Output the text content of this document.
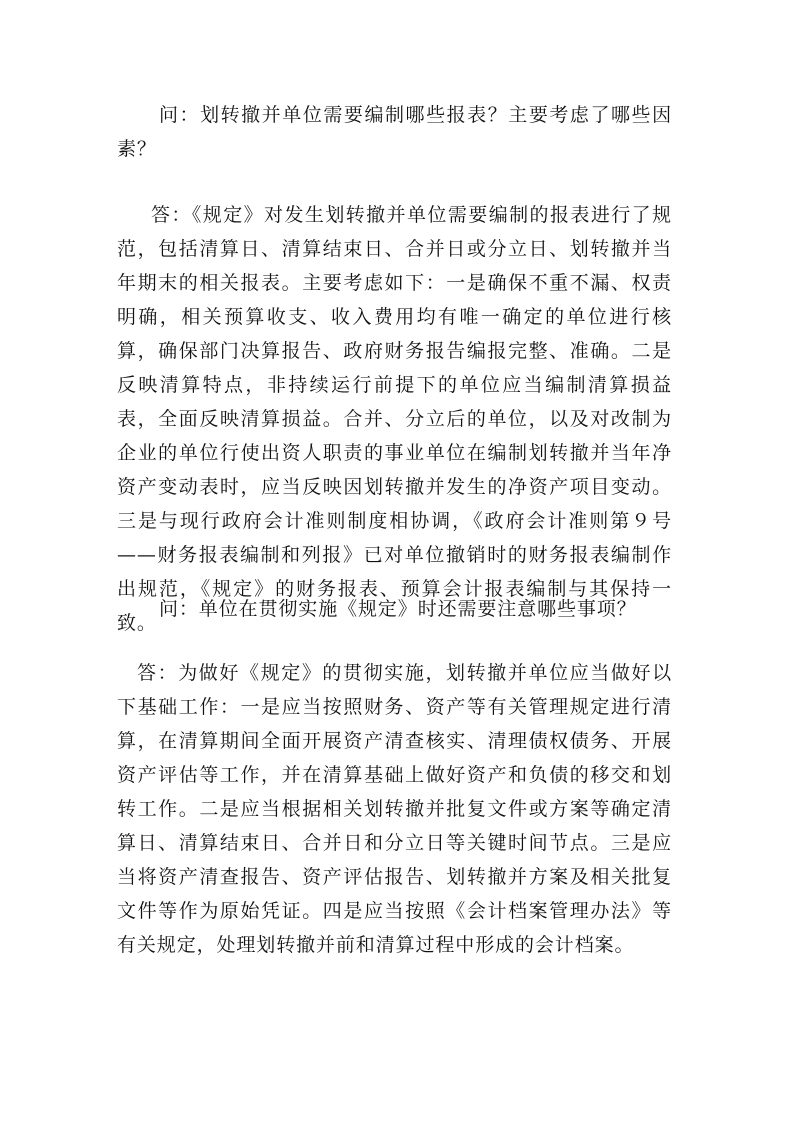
问：划转撤并单位需要编制哪些报表？主要考虑了哪些因素？

答：《规定》对发生划转撤并单位需要编制的报表进行了规范，包括清算日、清算结束日、合并日或分立日、划转撤并当年期末的相关报表。主要考虑如下：一是确保不重不漏、权责明确，相关预算收支、收入费用均有唯一确定的单位进行核算，确保部门决算报告、政府财务报告编报完整、准确。二是反映清算特点，非持续运行前提下的单位应当编制清算损益表，全面反映清算损益。合并、分立后的单位，以及对改制为企业的单位行使出资人职责的事业单位在编制划转撤并当年净资产变动表时，应当反映因划转撤并发生的净资产项目变动。三是与现行政府会计准则制度相协调，《政府会计准则第９号——财务报表编制和列报》已对单位撤销时的财务报表编制作出规范，《规定》的财务报表、预算会计报表编制与其保持一致。

问：单位在贯彻实施《规定》时还需要注意哪些事项？

答：为做好《规定》的贯彻实施，划转撤并单位应当做好以下基础工作：一是应当按照财务、资产等有关管理规定进行清算，在清算期间全面开展资产清查核实、清理债权债务、开展资产评估等工作，并在清算基础上做好资产和负债的移交和划转工作。二是应当根据相关划转撤并批复文件或方案等确定清算日、清算结束日、合并日和分立日等关键时间节点。三是应当将资产清查报告、资产评估报告、划转撤并方案及相关批复文件等作为原始凭证。四是应当按照《会计档案管理办法》等有关规定，处理划转撤并前和清算过程中形成的会计档案。
